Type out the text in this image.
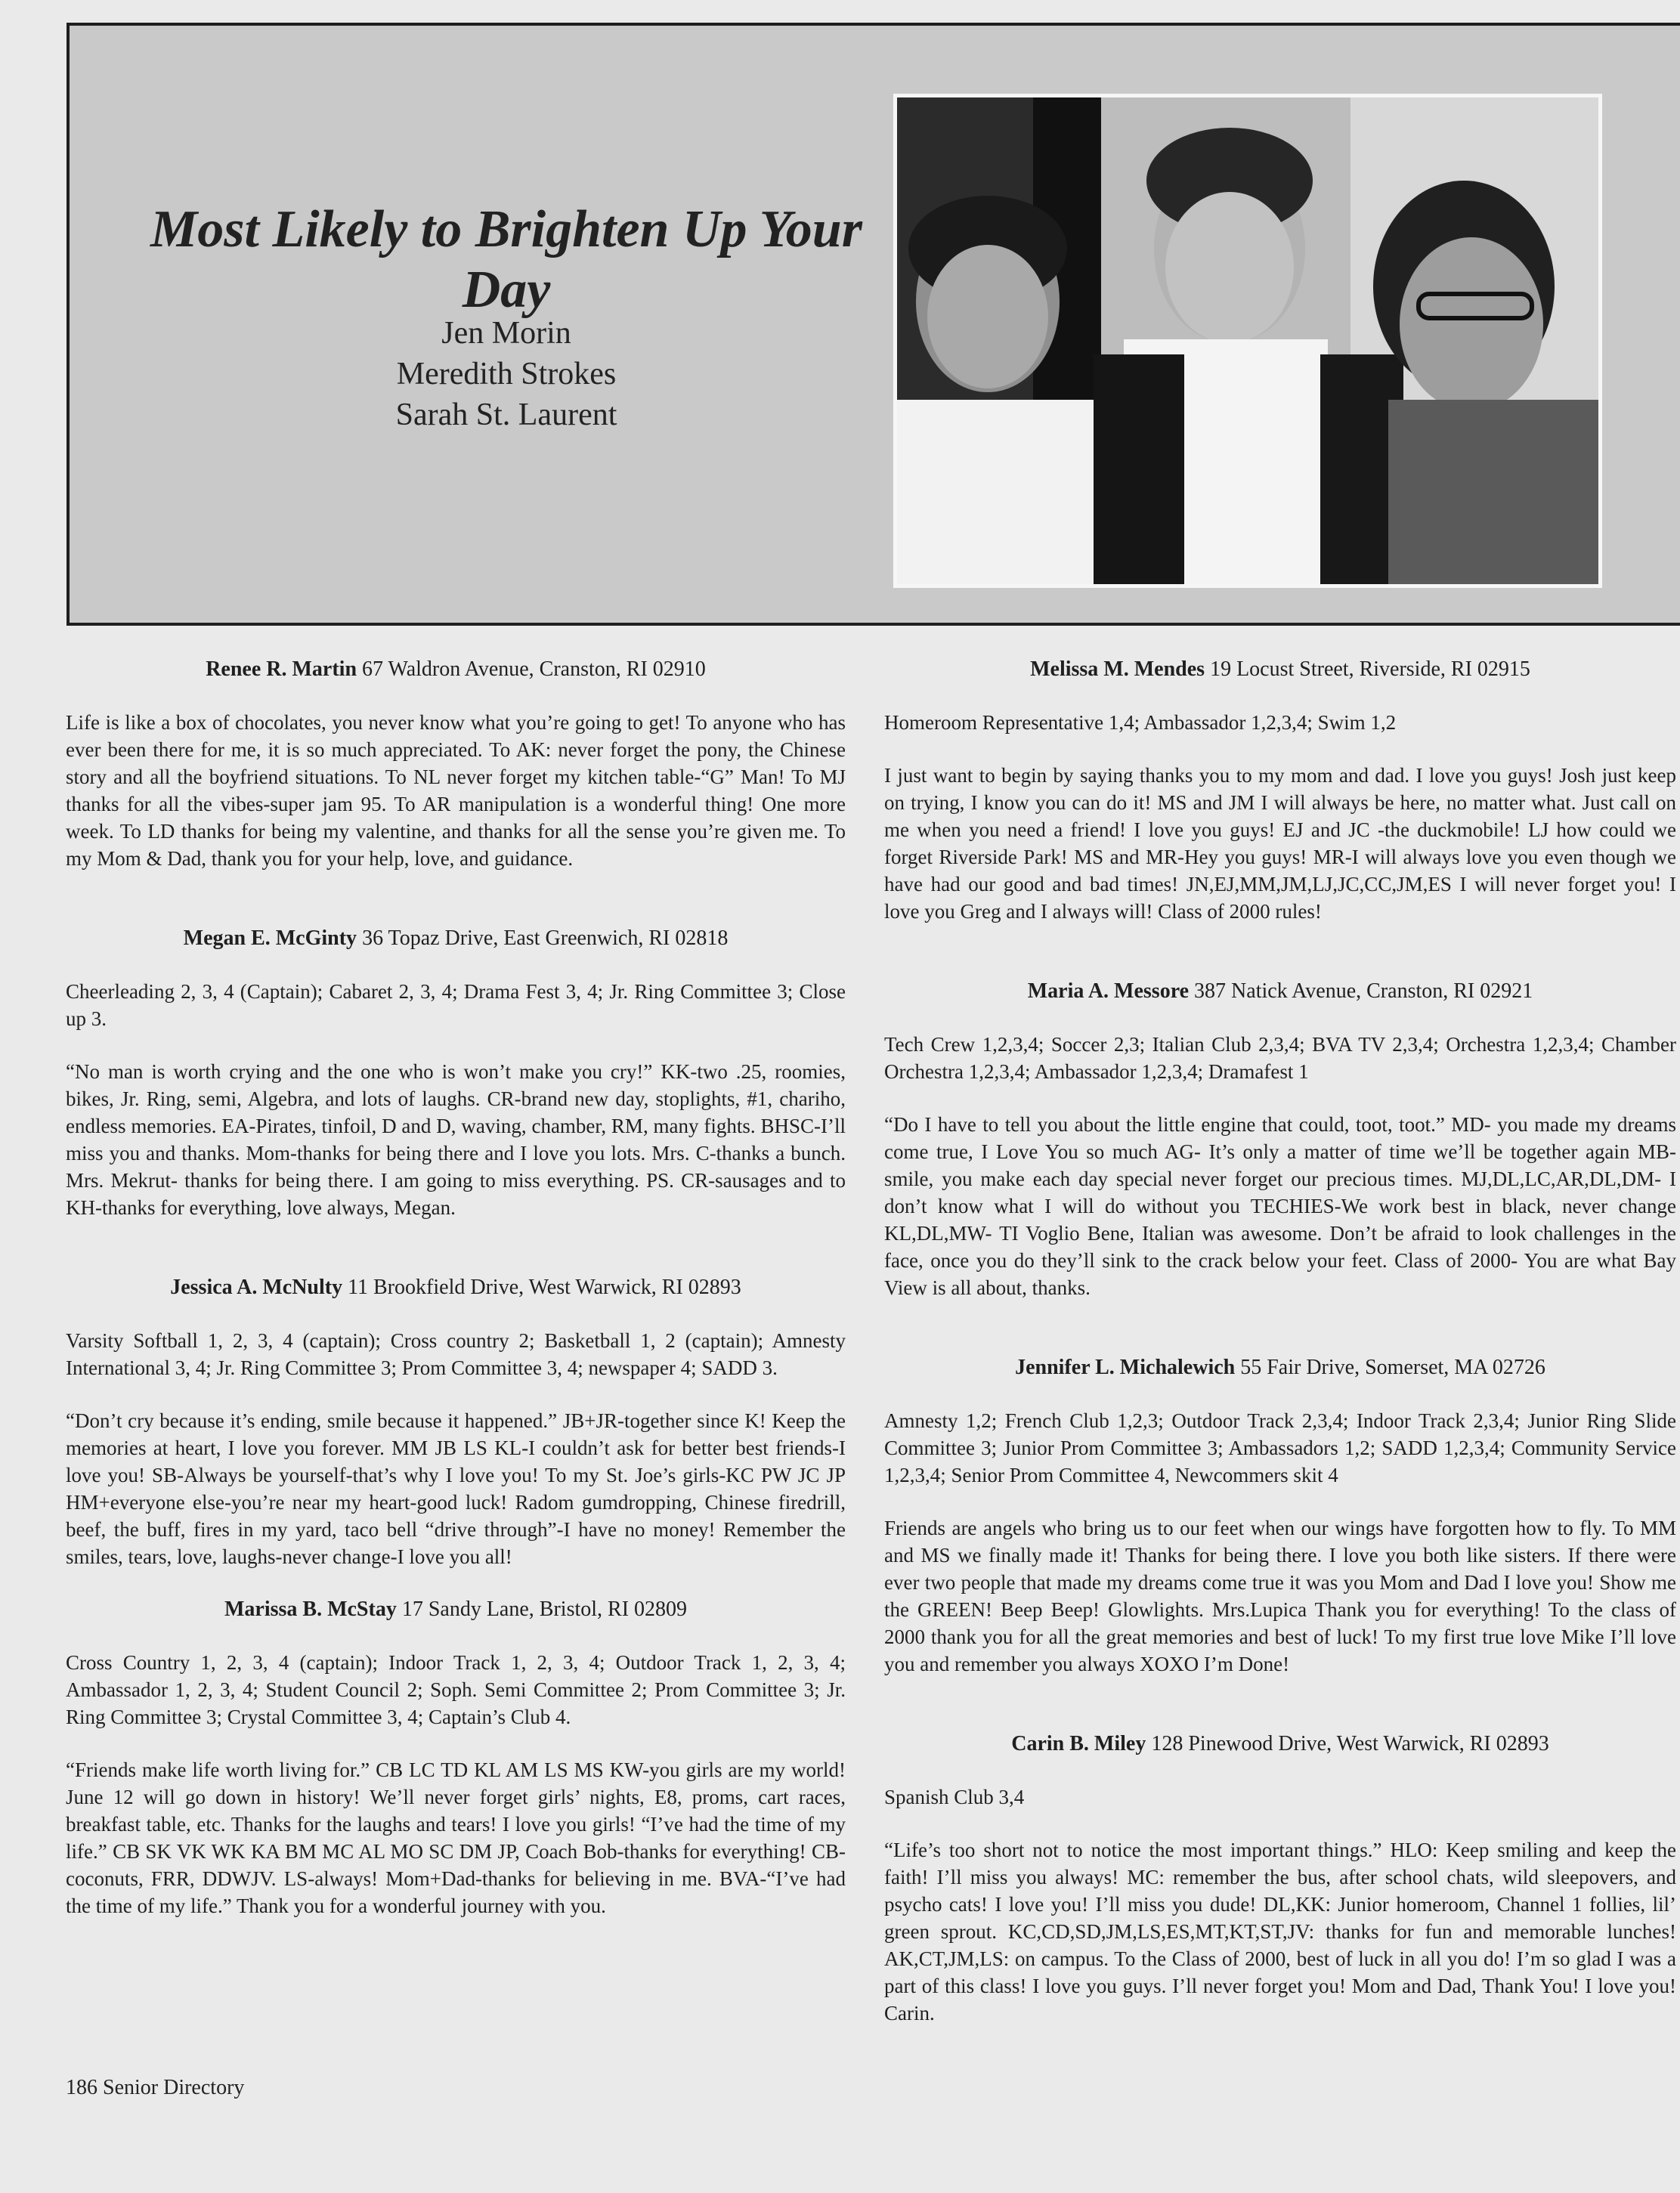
Most Likely to Brighten Up Your Day
Jen Morin
Meredith Strokes
Sarah St. Laurent
Renee R. Martin 67 Waldron Avenue, Cranston, RI 02910

Life is like a box of chocolates, you never know what you’re going to get! To anyone who has ever been there for me, it is so much appreciated. To AK: never forget the pony, the Chinese story and all the boyfriend situations. To NL never forget my kitchen table-“G” Man! To MJ thanks for all the vibes-super jam 95. To AR manipulation is a wonderful thing! One more week. To LD thanks for being my valentine, and thanks for all the sense you’re given me. To my Mom & Dad, thank you for your help, love, and guidance.

Megan E. McGinty 36 Topaz Drive, East Greenwich, RI 02818

Cheerleading 2, 3, 4 (Captain); Cabaret 2, 3, 4; Drama Fest 3, 4; Jr. Ring Committee 3; Close up 3.

“No man is worth crying and the one who is won’t make you cry!” KK-two .25, roomies, bikes, Jr. Ring, semi, Algebra, and lots of laughs. CR-brand new day, stoplights, #1, chariho, endless memories. EA-Pirates, tinfoil, D and D, waving, chamber, RM, many fights. BHSC-I’ll miss you and thanks. Mom-thanks for being there and I love you lots. Mrs. C-thanks a bunch. Mrs. Mekrut- thanks for being there. I am going to miss everything. PS. CR-sausages and to KH-thanks for everything, love always, Megan.

Jessica A. McNulty 11 Brookfield Drive, West Warwick, RI 02893

Varsity Softball 1, 2, 3, 4 (captain); Cross country 2; Basketball 1, 2 (captain); Amnesty International 3, 4; Jr. Ring Committee 3; Prom Committee 3, 4; newspaper 4; SADD 3.

“Don’t cry because it’s ending, smile because it happened.” JB+JR-together since K! Keep the memories at heart, I love you forever. MM JB LS KL-I couldn’t ask for better best friends-I love you! SB-Always be yourself-that’s why I love you! To my St. Joe’s girls-KC PW JC JP HM+everyone else-you’re near my heart-good luck! Radom gumdropping, Chinese firedrill, beef, the buff, fires in my yard, taco bell “drive through”-I have no money! Remember the smiles, tears, love, laughs-never change-I love you all!

Marissa B. McStay 17 Sandy Lane, Bristol, RI 02809

Cross Country 1, 2, 3, 4 (captain); Indoor Track 1, 2, 3, 4; Outdoor Track 1, 2, 3, 4; Ambassador 1, 2, 3, 4; Student Council 2; Soph. Semi Committee 2; Prom Committee 3; Jr. Ring Committee 3; Crystal Committee 3, 4; Captain’s Club 4.

“Friends make life worth living for.” CB LC TD KL AM LS MS KW-you girls are my world! June 12 will go down in history! We’ll never forget girls’ nights, E8, proms, cart races, breakfast table, etc. Thanks for the laughs and tears! I love you girls! “I’ve had the time of my life.” CB SK VK WK KA BM MC AL MO SC DM JP, Coach Bob-thanks for everything! CB-coconuts, FRR, DDWJV. LS-always! Mom+Dad-thanks for believing in me. BVA-“I’ve had the time of my life.” Thank you for a wonderful journey with you.

Melissa M. Mendes 19 Locust Street, Riverside, RI 02915

Homeroom Representative 1,4; Ambassador 1,2,3,4; Swim 1,2

I just want to begin by saying thanks you to my mom and dad. I love you guys! Josh just keep on trying, I know you can do it! MS and JM I will always be here, no matter what. Just call on me when you need a friend! I love you guys! EJ and JC -the duckmobile! LJ how could we forget Riverside Park! MS and MR-Hey you guys! MR-I will always love you even though we have had our good and bad times! JN,EJ,MM,JM,LJ,JC,CC,JM,ES I will never forget you! I love you Greg and I always will! Class of 2000 rules!

Maria A. Messore 387 Natick Avenue, Cranston, RI 02921

Tech Crew 1,2,3,4; Soccer 2,3; Italian Club 2,3,4; BVA TV 2,3,4; Orchestra 1,2,3,4; Chamber Orchestra 1,2,3,4; Ambassador 1,2,3,4; Dramafest 1

“Do I have to tell you about the little engine that could, toot, toot.” MD- you made my dreams come true, I Love You so much AG- It’s only a matter of time we’ll be together again MB- smile, you make each day special never forget our precious times. MJ,DL,LC,AR,DL,DM- I don’t know what I will do without you TECHIES-We work best in black, never change KL,DL,MW- TI Voglio Bene, Italian was awesome. Don’t be afraid to look challenges in the face, once you do they’ll sink to the crack below your feet. Class of 2000- You are what Bay View is all about, thanks.

Jennifer L. Michalewich 55 Fair Drive, Somerset, MA 02726

Amnesty 1,2; French Club 1,2,3; Outdoor Track 2,3,4; Indoor Track 2,3,4; Junior Ring Slide Committee 3; Junior Prom Committee 3; Ambassadors 1,2; SADD 1,2,3,4; Community Service 1,2,3,4; Senior Prom Committee 4, Newcommers skit 4

Friends are angels who bring us to our feet when our wings have forgotten how to fly. To MM and MS we finally made it! Thanks for being there. I love you both like sisters. If there were ever two people that made my dreams come true it was you Mom and Dad I love you! Show me the GREEN! Beep Beep! Glowlights. Mrs.Lupica Thank you for everything! To the class of 2000 thank you for all the great memories and best of luck! To my first true love Mike I’ll love you and remember you always XOXO I’m Done!

Carin B. Miley 128 Pinewood Drive, West Warwick, RI 02893

Spanish Club 3,4

“Life’s too short not to notice the most important things.” HLO: Keep smiling and keep the faith! I’ll miss you always! MC: remember the bus, after school chats, wild sleepovers, and psycho cats! I love you! I’ll miss you dude! DL,KK: Junior homeroom, Channel 1 follies, lil’ green sprout. KC,CD,SD,JM,LS,ES,MT,KT,ST,JV: thanks for fun and memorable lunches! AK,CT,JM,LS: on campus. To the Class of 2000, best of luck in all you do! I’m so glad I was a part of this class! I love you guys. I’ll never forget you! Mom and Dad, Thank You! I love you! Carin.

186 Senior Directory
